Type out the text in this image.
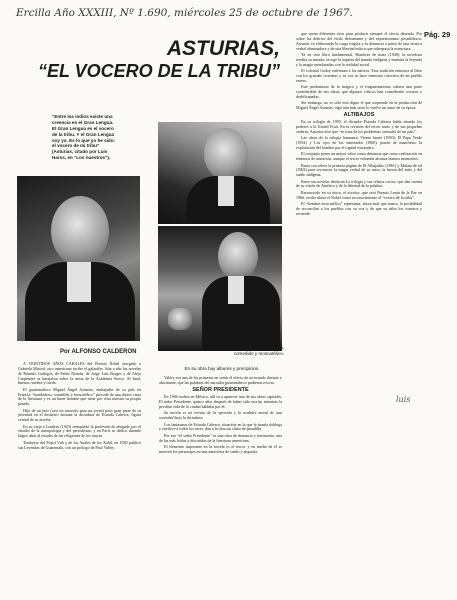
Ercilla Año XXXIII, Nº 1.690, miércoles 25 de octubre de 1967.
Pág. 29
ASTURIAS,
“EL VOCERO DE LA TRIBU”
“Entre los indios existe una creencia en el Gran Lengua. El Gran Lengua es el vocero de la tribu. Y el Gran Lengua soy yo. Es lo que yo he sido: el vocero de mi tribu” (Asturias, citado por Luis Harss, en “Los nuestros”).
Asturias: bondadoso, comedido y moscatélico.
En su obra hay albures y precipicios.
Por ALFONSO CALDERON

A VEINTIDOS AÑOS CABALES del Premio Nobel otorgado a Gabriela Mistral, otro americano recibe el galardón. Aún a año las novelas de Rómulo Gallegos, de Pablo Neruda, de Jorge Luis Borges y de Alejo Carpentier se barajaron sobre la mesa de la Academia Sueca. Al final, buenos, sueños y rueda.

El guatemalteco Miguel Ángel Asturias, embajador de su país en Francia, “bondadoso, comedido y moscatélico” procede de una ilustre casta de la literatura y es un buen hombre que tiene por cosa nuestra su propio pasado.

Hijo de un juez (casi un ancestro para un joven) pasó gran parte de su juventud en el destierro durante la dictadura de Estrada Cabrera, figura central de su novela.

En su viaje a Londres (1923) reemplazó la profesión de abogado por el estudio de la antropología y del periodismo, y en París se dedicó durante largos años al estudio de las religiones de los mayas.

Traductor del Popol Vuh y de los Anales de los Xahil, en 1930 publicó sus Leyendas de Guatemala, con un prólogo de Paul Valéry.

Valéry esa una de las primeras en sentir el efecto de un mundo distinto y alucinante, que las palabras del narrador guatemalteco pudieron evocar.

SEÑOR PRESIDENTE

En 1946 realiza en México, allí va a aparecer una de sus obras capitales, El señor Presidente, quince años después de haber sido escrita, mientras la peculiar vida de la ciudad hablaba por él.

Su novela es un retrato de la opresión y la sordidez moral de una sociedad bajo la dictadura.

Los fantasmas de Estrada Cabrera, situación en la que la tiranía doblega y envilece a todos los seres, dan a la obra un clima de pesadilla.

Por eso “el señor Presidente” es una obra de denuncia y testimonio, una de las más leídas y discutidas de la literatura americana.

El elemento imperante en la novela es el terror, y en medio de él se mueven los personajes en una atmósfera de sueño y angustia.

que suena diferentes ritos para producir siempre el efecto deseado. Por sobre los delirios del estilo deformante y del expresionismo pesadillesco, Asturias va elaborando la carga trágica y la denuncia a partir de una técnica verbal abrumadora y de una libertad mítica que sobrepasa la estructura.

Ya en otro libro fundamental, Hombres de maíz (1949), la novelista reedita su mirada, recoge la riqueza del mundo indígena y muestra la leyenda y la magia entrelazadas con la realidad social.

El colonial Godoy enfrentan a los nativos. Esta tradición entronca al libro con los grandes cronistas y su voz se hace memoria colectiva de un pueblo entero.

Este predominio de lo mágico y el fragmentarismo cubren una parte considerable de sus obras, que algunos críticos han considerado oscuras y deshilvanadas.

Sin embargo, no es sólo esto digno el que sorprende en la producción de Miguel Ángel Asturias, algo aún más serio lo vuelve un autor de su época.

ALTIBAJOS

En su trilogía de 1950, el dictador Estrada Cabrera había situado los poderes a la United Fruit. En la revisión del tercer tomo y de sus pequeñas caderas, Asturias dice que “se trata de los problemas centrales de mi país”.

Las obras de la trilogía bananera, Viento fuerte (1950), El Papa Verde (1954) y Los ojos de los enterrados (1960), ponen de manifiesto la explotación del hombre por el capital extranjero.

El conjunto posee un mayor valor como denuncia que como realización en términos de narración, aunque el tercer volumen alcanza buenos momentos.

Basta con releer la primera página de El Alhajadito (1961) y Mulata de tal (1963) para reconocer la magia verbal de su autor, la fuerza del mito y del sueño indígena.

Entre sus novelas destacan La trilogía y sus relatos cortos, que dan cuenta de su visión de América y de la libertad de la palabra.

Reconocido en su tierra, el escritor, que será Premio Lenin de la Paz en 1966, recibe ahora el Nobel como reconocimiento al “vocero de la tribu”.

El “hombre moscatélico” representa, ahora más que nunca, la posibilidad de reconciliar a los pueblos con su voz y de que su tribu los conozca y recuerde.

luis
